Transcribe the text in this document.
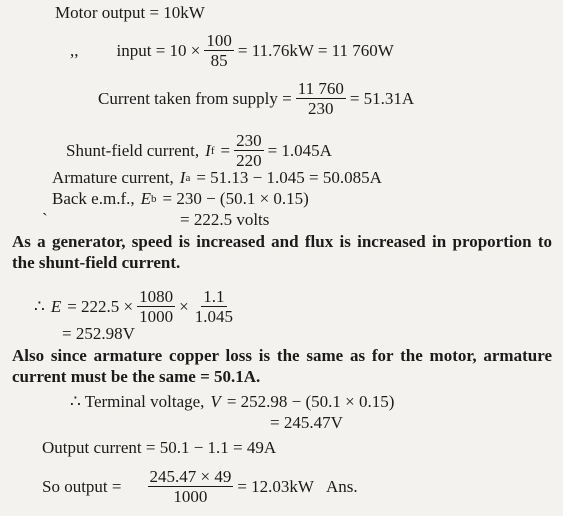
Motor output = 10kW
,, input = $10 \times \frac{100}{85} = 11.76kW = 11$ 760W
Current taken from supply = $\frac{11 760}{230} = 51.31A$
Shunt-field current, I $f = \frac{230}{220} = 1.045A$
Armature current, I a = 51.13 − 1.045 = 50.085A
Back e.m.f., E b = 230 − (50.1 × 0.15)
`	= 222.5 volts
As a generator, speed is increased and flux is increased in proportion to the shunt-field current.
∴ $E = 222.5 \times \frac{1080}{1000} \times \frac{1.1}{1.045}$
= 252.98V
Also since armature copper loss is the same as for the motor, armature current must be the same = 50.1A.
∴ Terminal voltage, V = 252.98 − (50.1 × 0.15)
= 245.47V
Output current = 50.1 − 1.1 = 49A
So output = $\frac{245.47 \times 49}{1000} = 12.03kW$ Ans.
